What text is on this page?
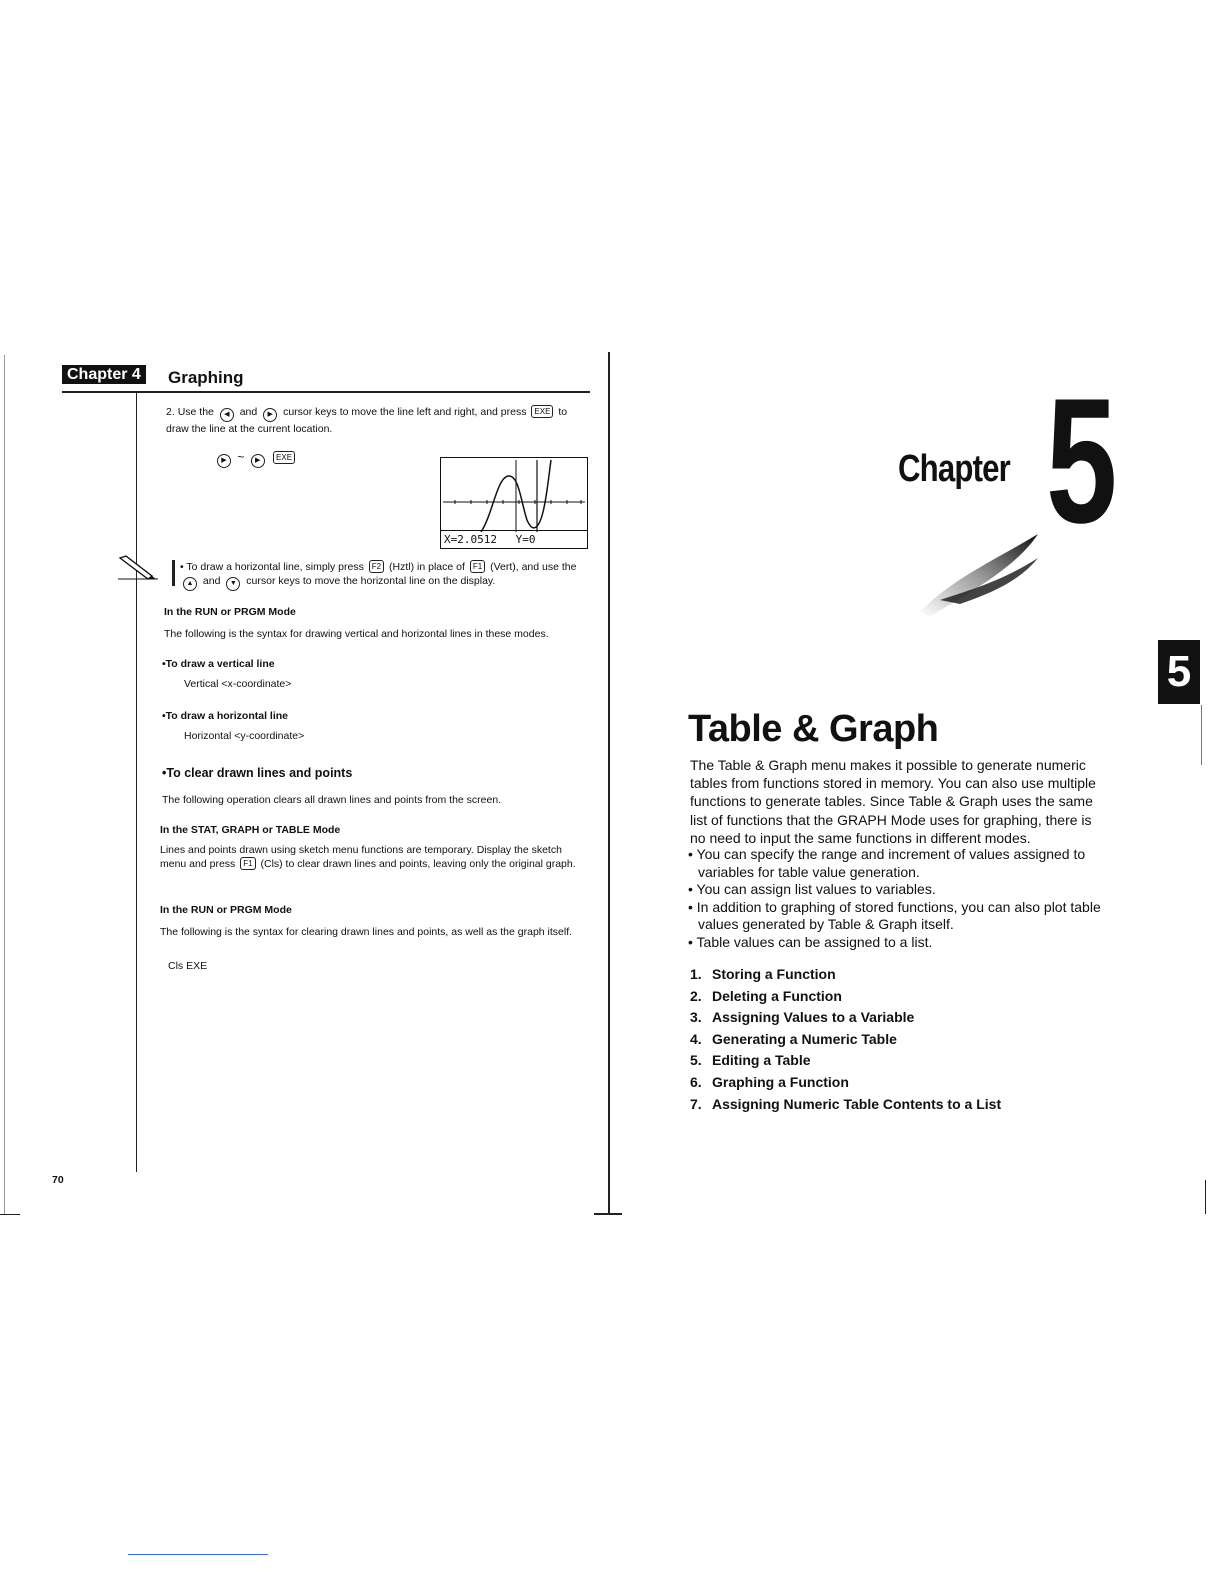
Chapter 4 Graphing
2. Use the ◀ and ▶ cursor keys to move the line left and right, and press EXE to draw the line at the current location.
▶ ~ ▶ EXE
X=2.0512 Y=0
• To draw a horizontal line, simply press F2 (Hztl) in place of F1 (Vert), and use the ▲ and ▼ cursor keys to move the horizontal line on the display.
In the RUN or PRGM Mode
The following is the syntax for drawing vertical and horizontal lines in these modes.
•To draw a vertical line
Vertical <x-coordinate>
•To draw a horizontal line
Horizontal <y-coordinate>
•To clear drawn lines and points
The following operation clears all drawn lines and points from the screen.
In the STAT, GRAPH or TABLE Mode
Lines and points drawn using sketch menu functions are temporary. Display the sketch menu and press F1 (Cls) to clear drawn lines and points, leaving only the original graph.
In the RUN or PRGM Mode
The following is the syntax for clearing drawn lines and points, as well as the graph itself.
Cls EXE
70
Chapter 5
5
Table & Graph

The Table & Graph menu makes it possible to generate numeric tables from functions stored in memory. You can also use multiple functions to generate tables. Since Table & Graph uses the same list of functions that the GRAPH Mode uses for graphing, there is no need to input the same functions in different modes.

• You can specify the range and increment of values assigned to variables for table value generation.

• You can assign list values to variables.

• In addition to graphing of stored functions, you can also plot table values generated by Table & Graph itself.

• Table values can be assigned to a list.

1. Storing a Function
2. Deleting a Function
3. Assigning Values to a Variable
4. Generating a Numeric Table
5. Editing a Table
6. Graphing a Function
7. Assigning Numeric Table Contents to a List
